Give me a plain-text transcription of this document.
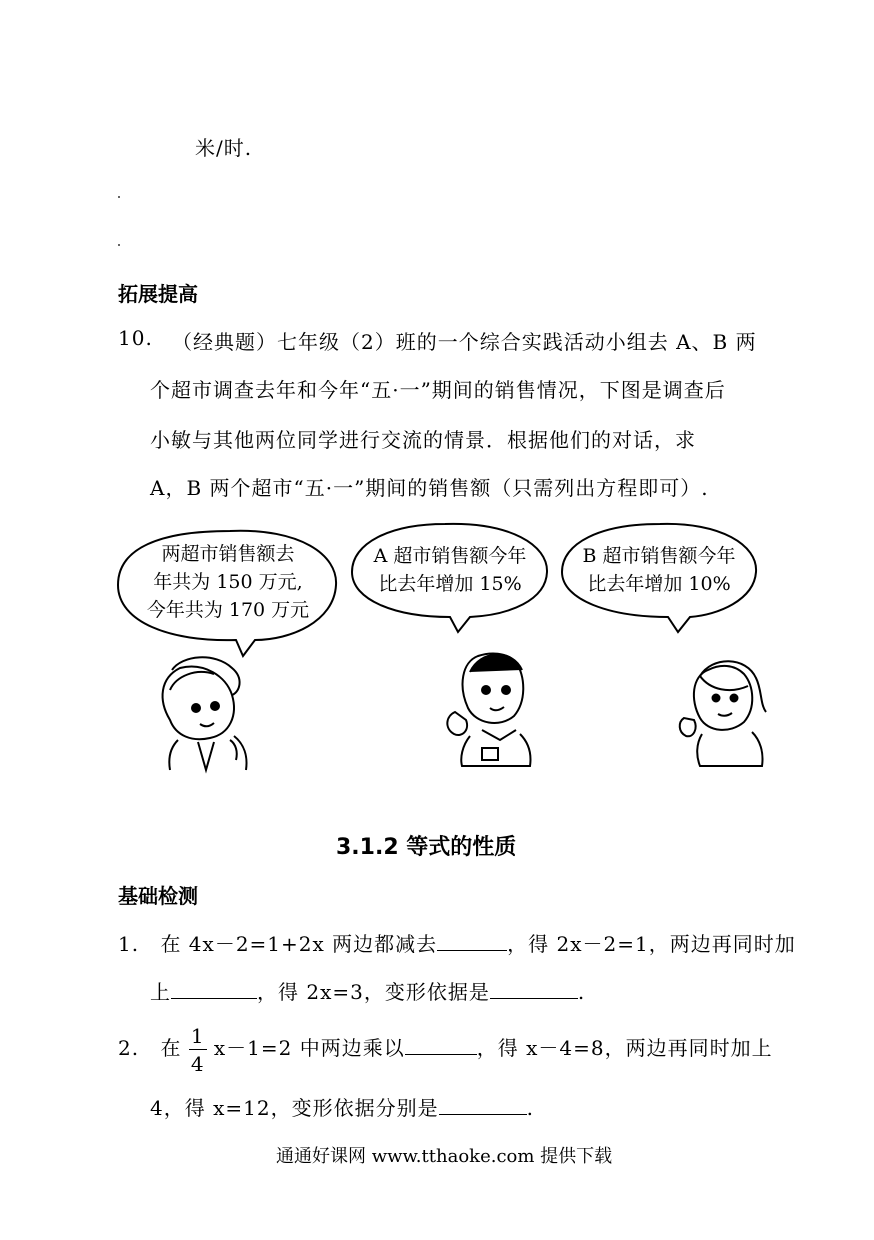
米/时.
拓展提高
10. （经典题）七年级（2）班的一个综合实践活动小组去 A、B 两
个超市调查去年和今年“五·一”期间的销售情况，下图是调查后
小敏与其他两位同学进行交流的情景．根据他们的对话，求
A，B 两个超市“五·一”期间的销售额（只需列出方程即可）.
两超市销售额去
年共为 150 万元,
今年共为 170 万元
A 超市销售额今年
比去年增加 15%
B 超市销售额今年
比去年增加 10%
3.1.2 等式的性质
基础检测
1. 在 4x－2=1+2x 两边都减去	，得 2x－2=1，两边再同时加
上	，得 2x=3，变形依据是	.
2. 在 $\frac{1}{4} x-1=2$ 中两边乘以	，得 x－4=8，两边再同时加上
4，得 x=12，变形依据分别是	.
通通好课网 www.tthaoke.com 提供下载
